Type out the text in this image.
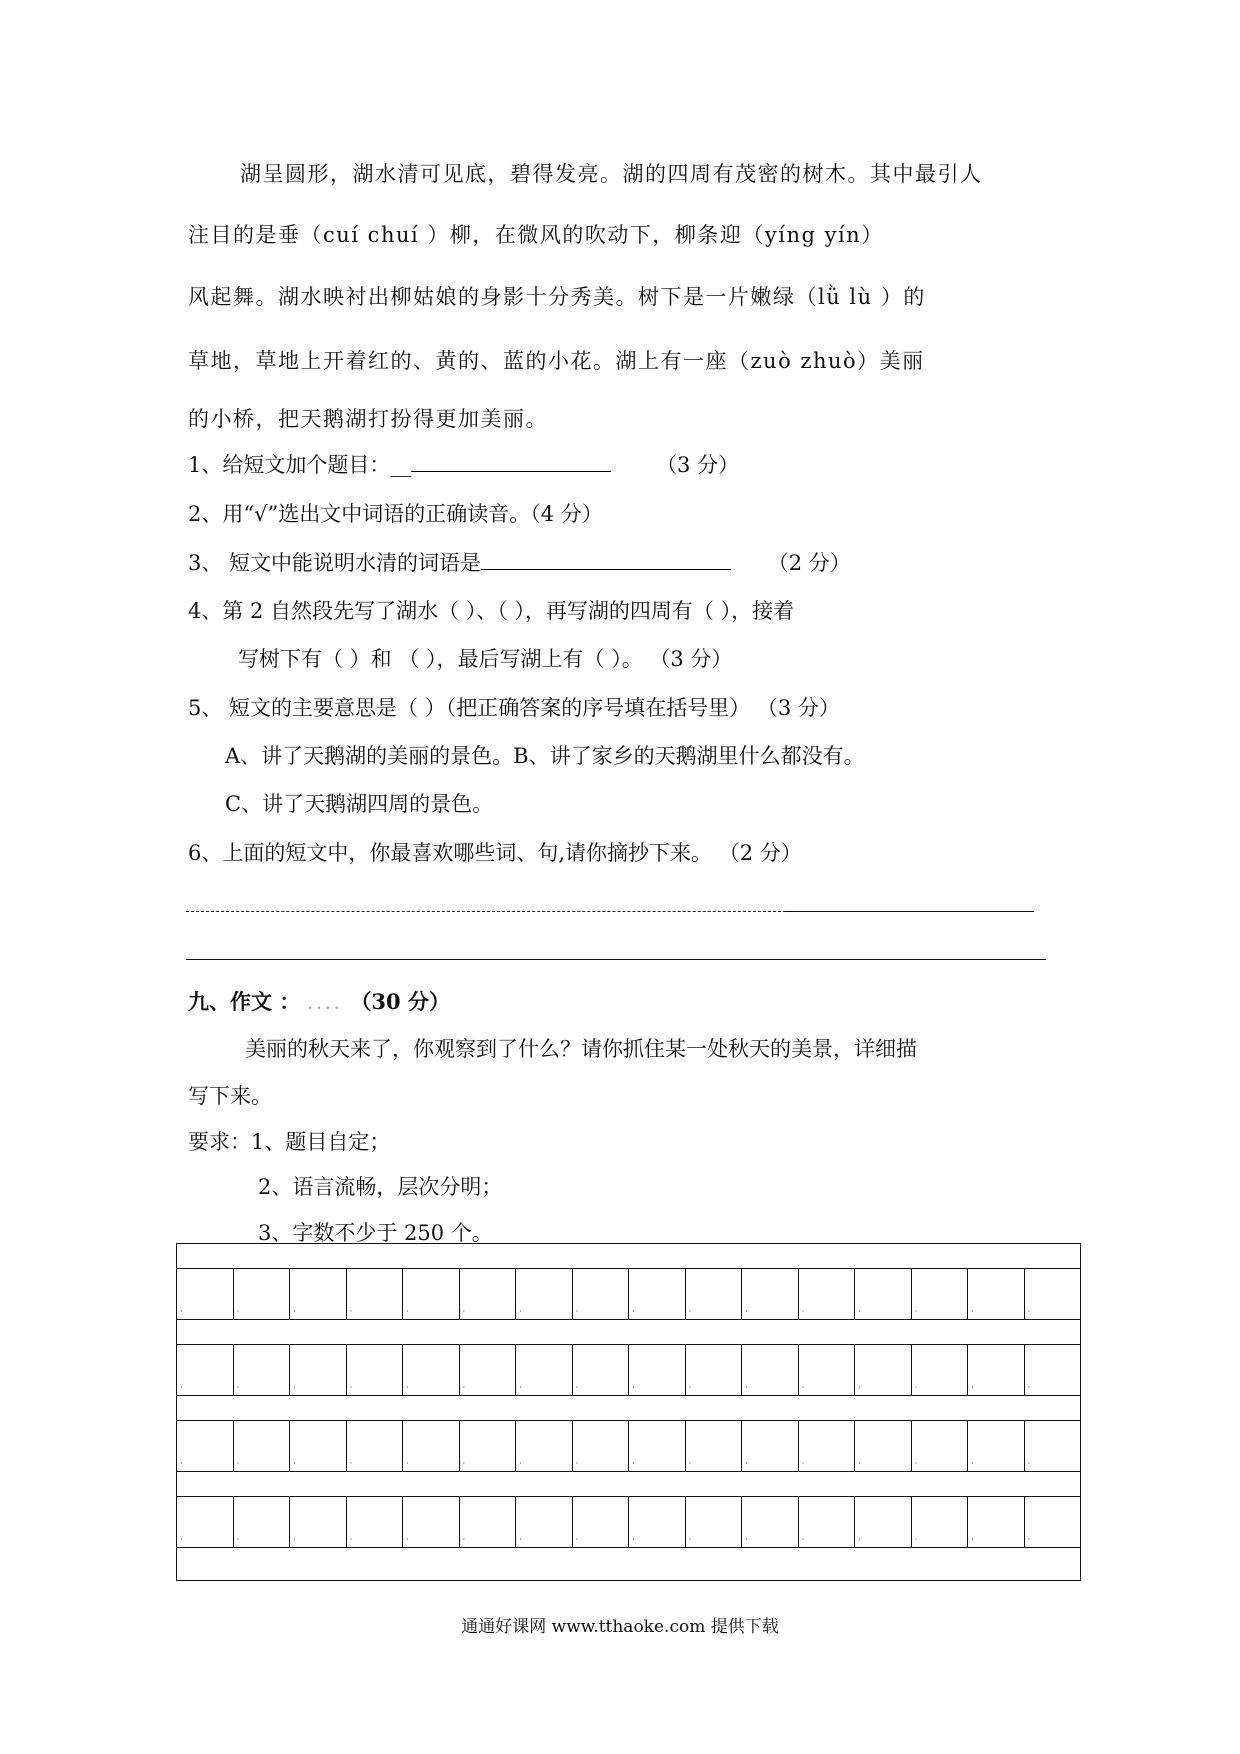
湖呈圆形，湖水清可见底，碧得发亮。湖的四周有茂密的树木。其中最引人
注目的是垂（cuí chuí ）柳，在微风的吹动下，柳条迎（yíng yín）
风起舞。湖水映衬出柳姑娘的身影十分秀美。树下是一片嫩绿（lǜ lù ）的
草地，草地上开着红的、黄的、蓝的小花。湖上有一座（zuò zhuò）美丽
的小桥，把天鹅湖打扮得更加美丽。
1、给短文加个题目：__	（3 分）
2、用“√”选出文中词语的正确读音。（4 分）
3、 短文中能说明水清的词语是	（2 分）
4、第 2 自然段先写了湖水（ ）、（ ），再写湖的四周有（ ），接着
写树下有（ ）和 （ ），最后写湖上有（ ）。 （3 分）
5、 短文的主要意思是（ ）（把正确答案的序号填在括号里） （3 分）
A、讲了天鹅湖的美丽的景色。B、讲了家乡的天鹅湖里什么都没有。
C、讲了天鹅湖四周的景色。
6、上面的短文中，你最喜欢哪些词、句,请你摘抄下来。 （2 分）
九、作文 ： .... （30 分）
美丽的秋天来了，你观察到了什么？请你抓住某一处秋天的美景，详细描
写下来。
要求：1、题目自定；
2、语言流畅，层次分明；
3、字数不少于 250 个。
·
·
·
·
·
·
·
·
·
·
·
·
·
·
·
·
·
·
·
·
·
·
·
·
·
·
·
·
·
·
·
·
·
·
·
·
·
·
·
·
·
·
·
·
·
·
·
·
·
·
·
·
·
·
·
·
·
·
·
·
·
·
·
·
通通好课网 www.tthaoke.com 提供下载
